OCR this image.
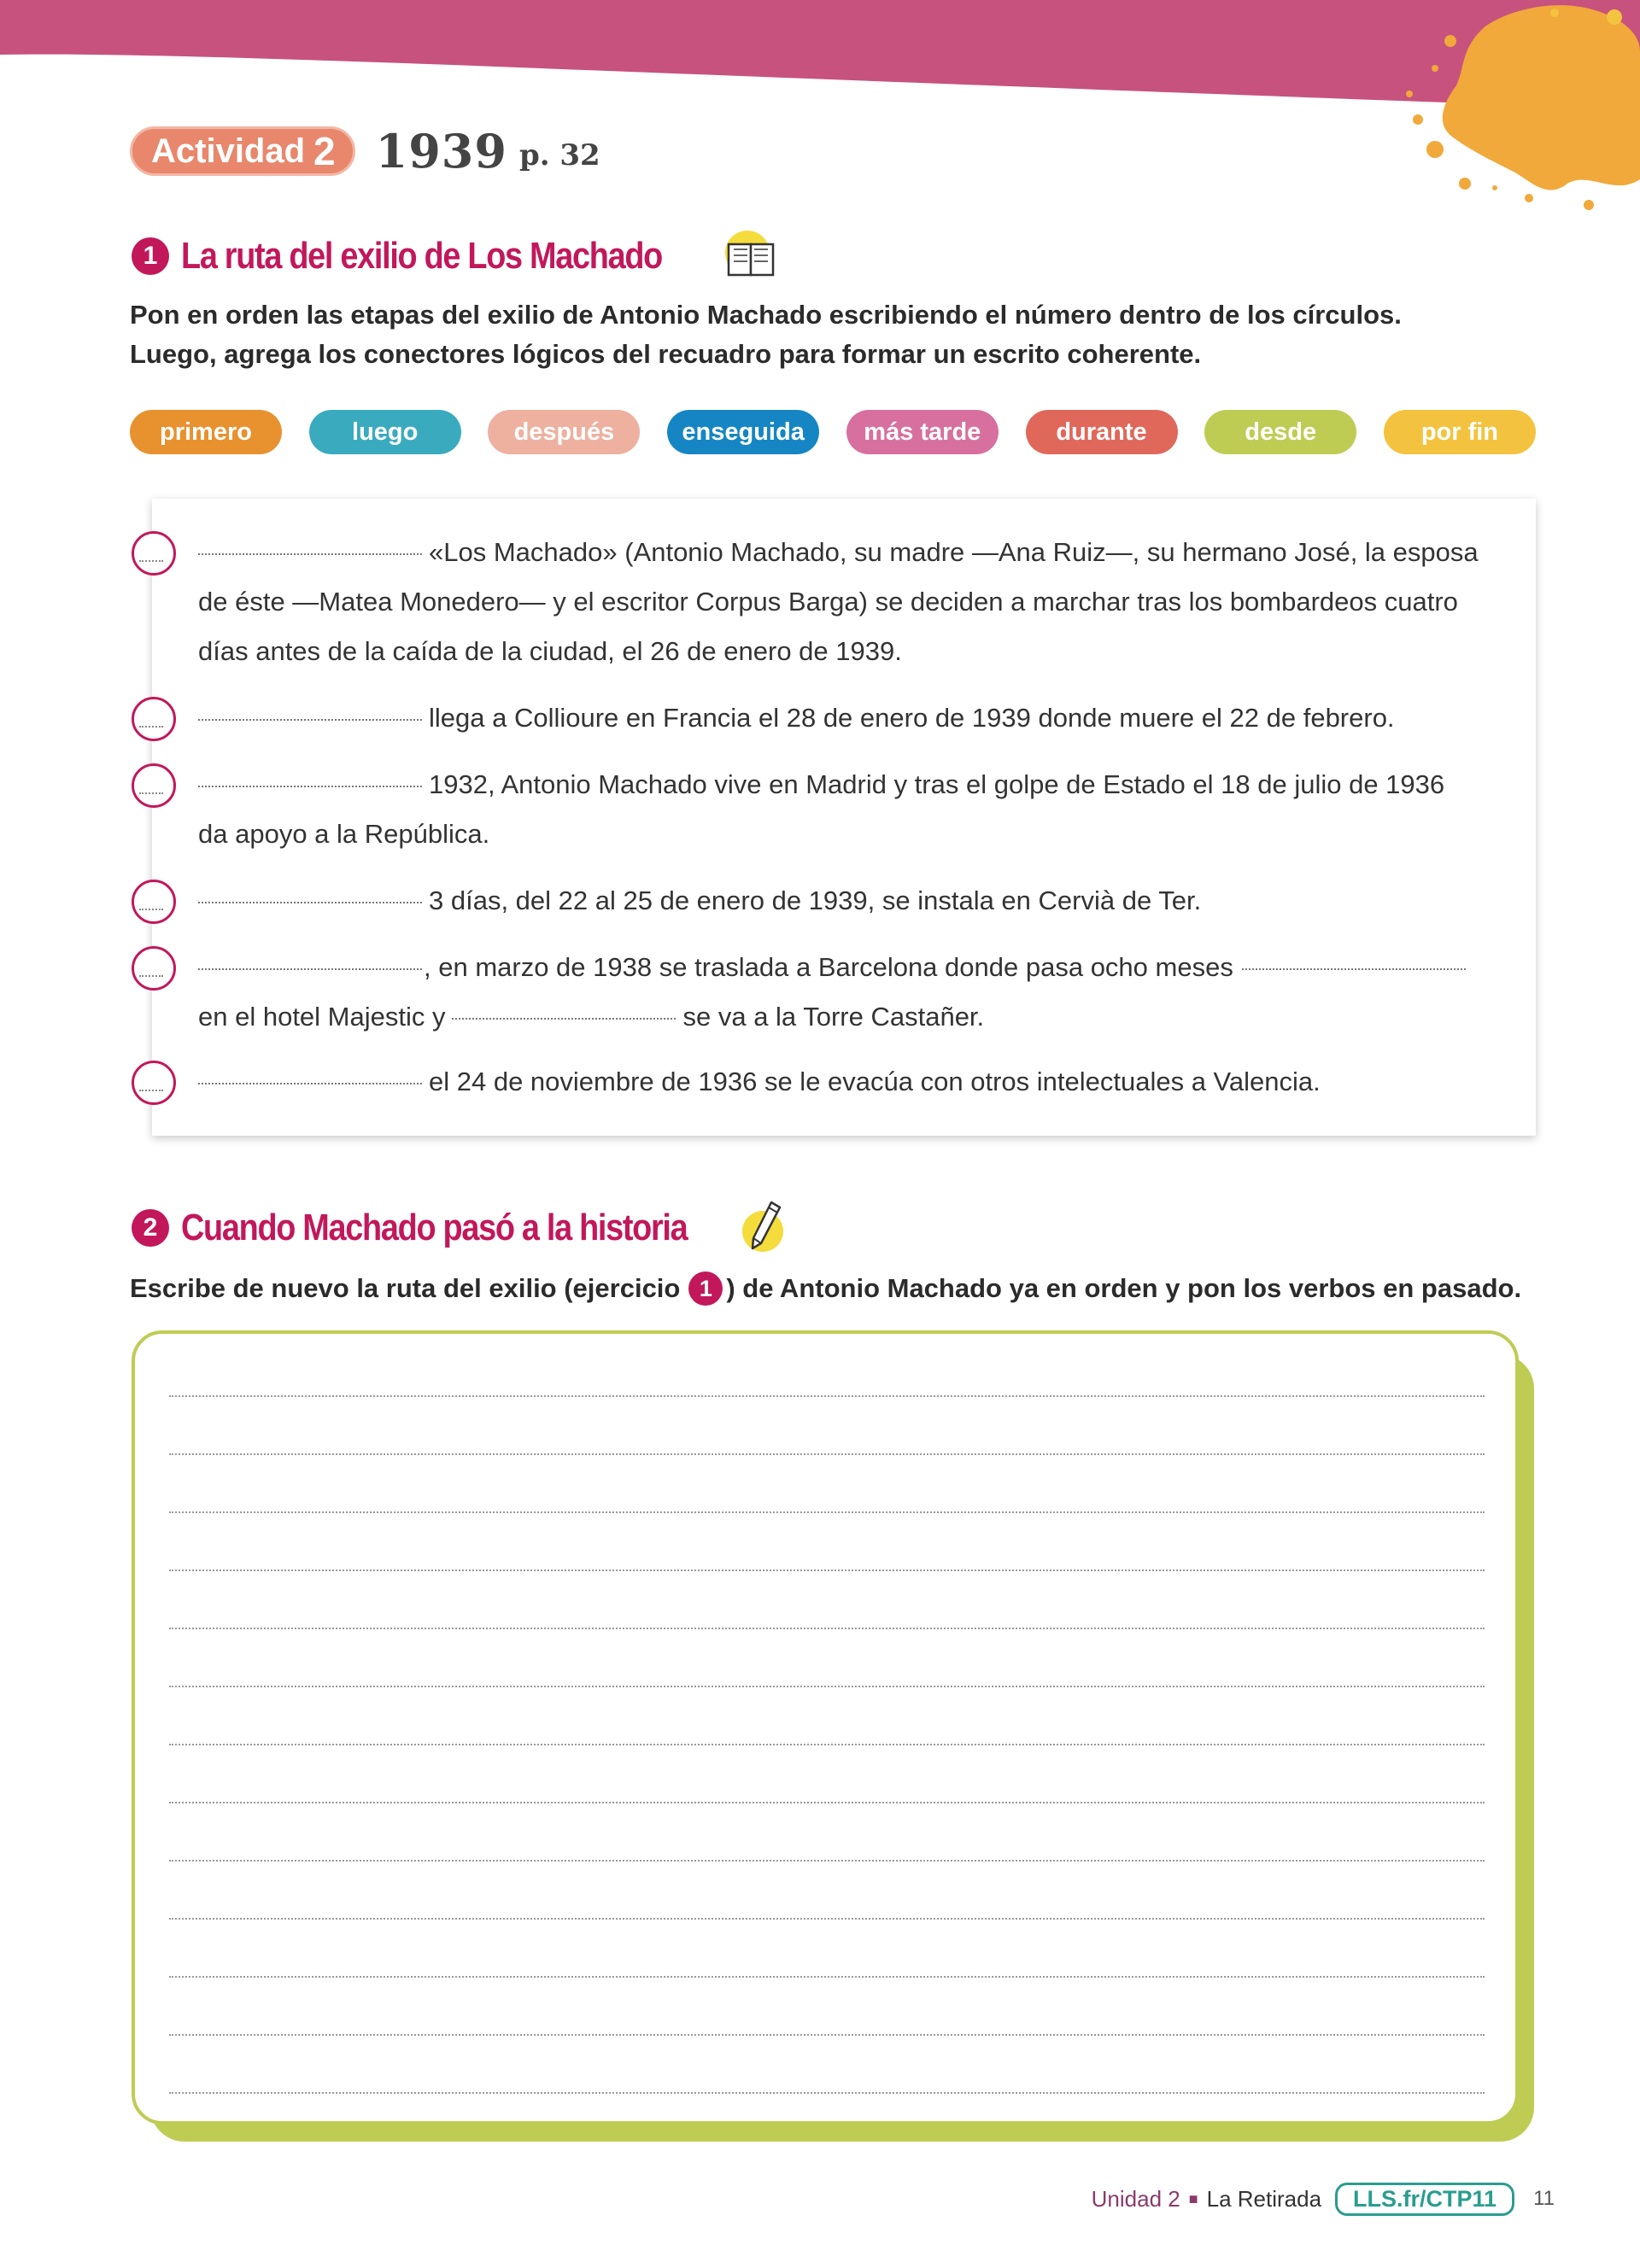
Actividad 2 1939 p. 32
1 La ruta del exilio de Los Machado
Pon en orden las etapas del exilio de Antonio Machado escribiendo el número dentro de los círculos.
Luego, agrega los conectores lógicos del recuadro para formar un escrito coherente.
primero	luego	después	enseguida	más tarde	durante	desde	por fin
«Los Machado» (Antonio Machado, su madre —Ana Ruiz—, su hermano José, la esposa
de éste —Matea Monedero— y el escritor Corpus Barga) se deciden a marchar tras los bombardeos cuatro
días antes de la caída de la ciudad, el 26 de enero de 1939.
llega a Collioure en Francia el 28 de enero de 1939 donde muere el 22 de febrero.
1932, Antonio Machado vive en Madrid y tras el golpe de Estado el 18 de julio de 1936
da apoyo a la República.
3 días, del 22 al 25 de enero de 1939, se instala en Cervià de Ter.
, en marzo de 1938 se traslada a Barcelona donde pasa ocho meses
en el hotel Majestic y	se va a la Torre Castañer.
el 24 de noviembre de 1936 se le evacúa con otros intelectuales a Valencia.
2 Cuando Machado pasó a la historia
Escribe de nuevo la ruta del exilio (ejercicio 1 ) de Antonio Machado ya en orden y pon los verbos en pasado.
Unidad 2 ■ La Retirada	LLS.fr/CTP11	11
